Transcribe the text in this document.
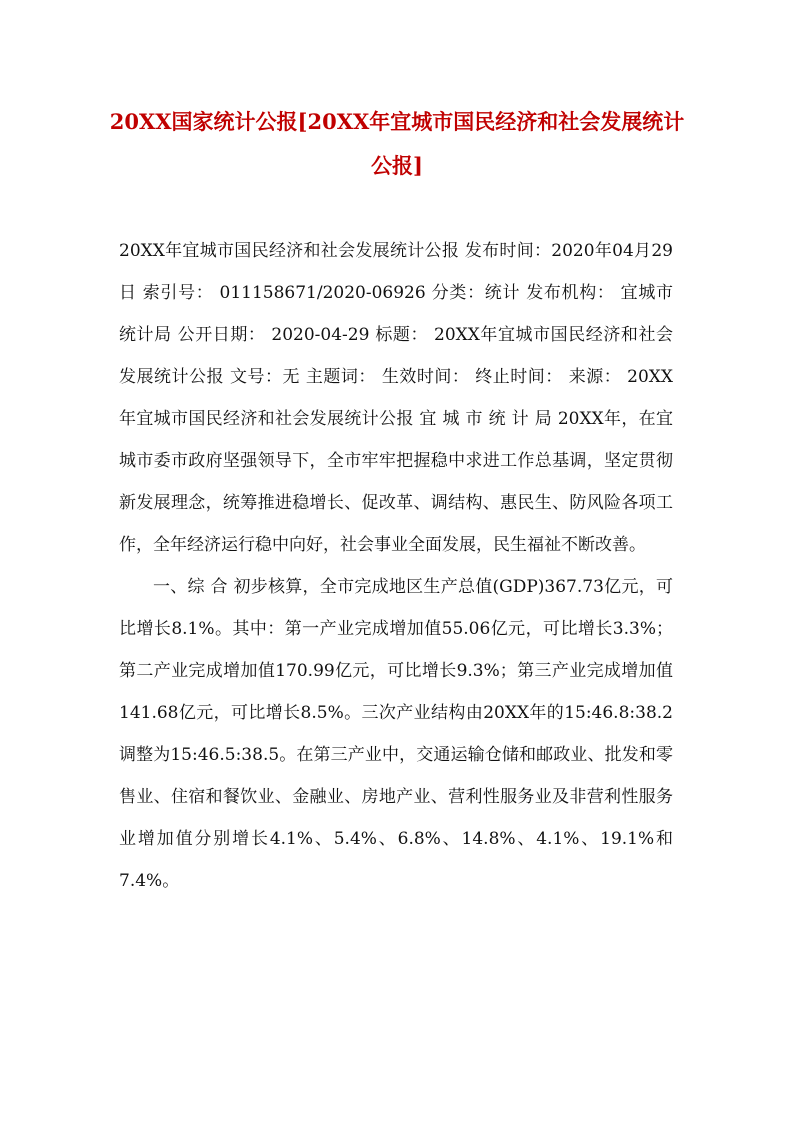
20XX国家统计公报[20XX年宜城市国民经济和社会发展统计公报]

20XX年宜城市国民经济和社会发展统计公报 发布时间：2020年04月29日 索引号： 011158671/2020-06926 分类：统计 发布机构： 宜城市统计局 公开日期： 2020-04-29 标题： 20XX年宜城市国民经济和社会发展统计公报 文号：无 主题词： 生效时间： 终止时间： 来源： 20XX年宜城市国民经济和社会发展统计公报 宜 城 市 统 计 局 20XX年，在宜城市委市政府坚强领导下，全市牢牢把握稳中求进工作总基调，坚定贯彻新发展理念，统筹推进稳增长、促改革、调结构、惠民生、防风险各项工作，全年经济运行稳中向好，社会事业全面发展，民生福祉不断改善。

一、综 合 初步核算，全市完成地区生产总值(GDP)367.73亿元，可比增长8.1%。其中：第一产业完成增加值55.06亿元，可比增长3.3%；第二产业完成增加值170.99亿元，可比增长9.3%；第三产业完成增加值141.68亿元，可比增长8.5%。三次产业结构由20XX年的15:46.8:38.2调整为15:46.5:38.5。在第三产业中，交通运输仓储和邮政业、批发和零售业、住宿和餐饮业、金融业、房地产业、营利性服务业及非营利性服务业增加值分别增长4.1%、5.4%、6.8%、14.8%、4.1%、19.1%和7.4%。
